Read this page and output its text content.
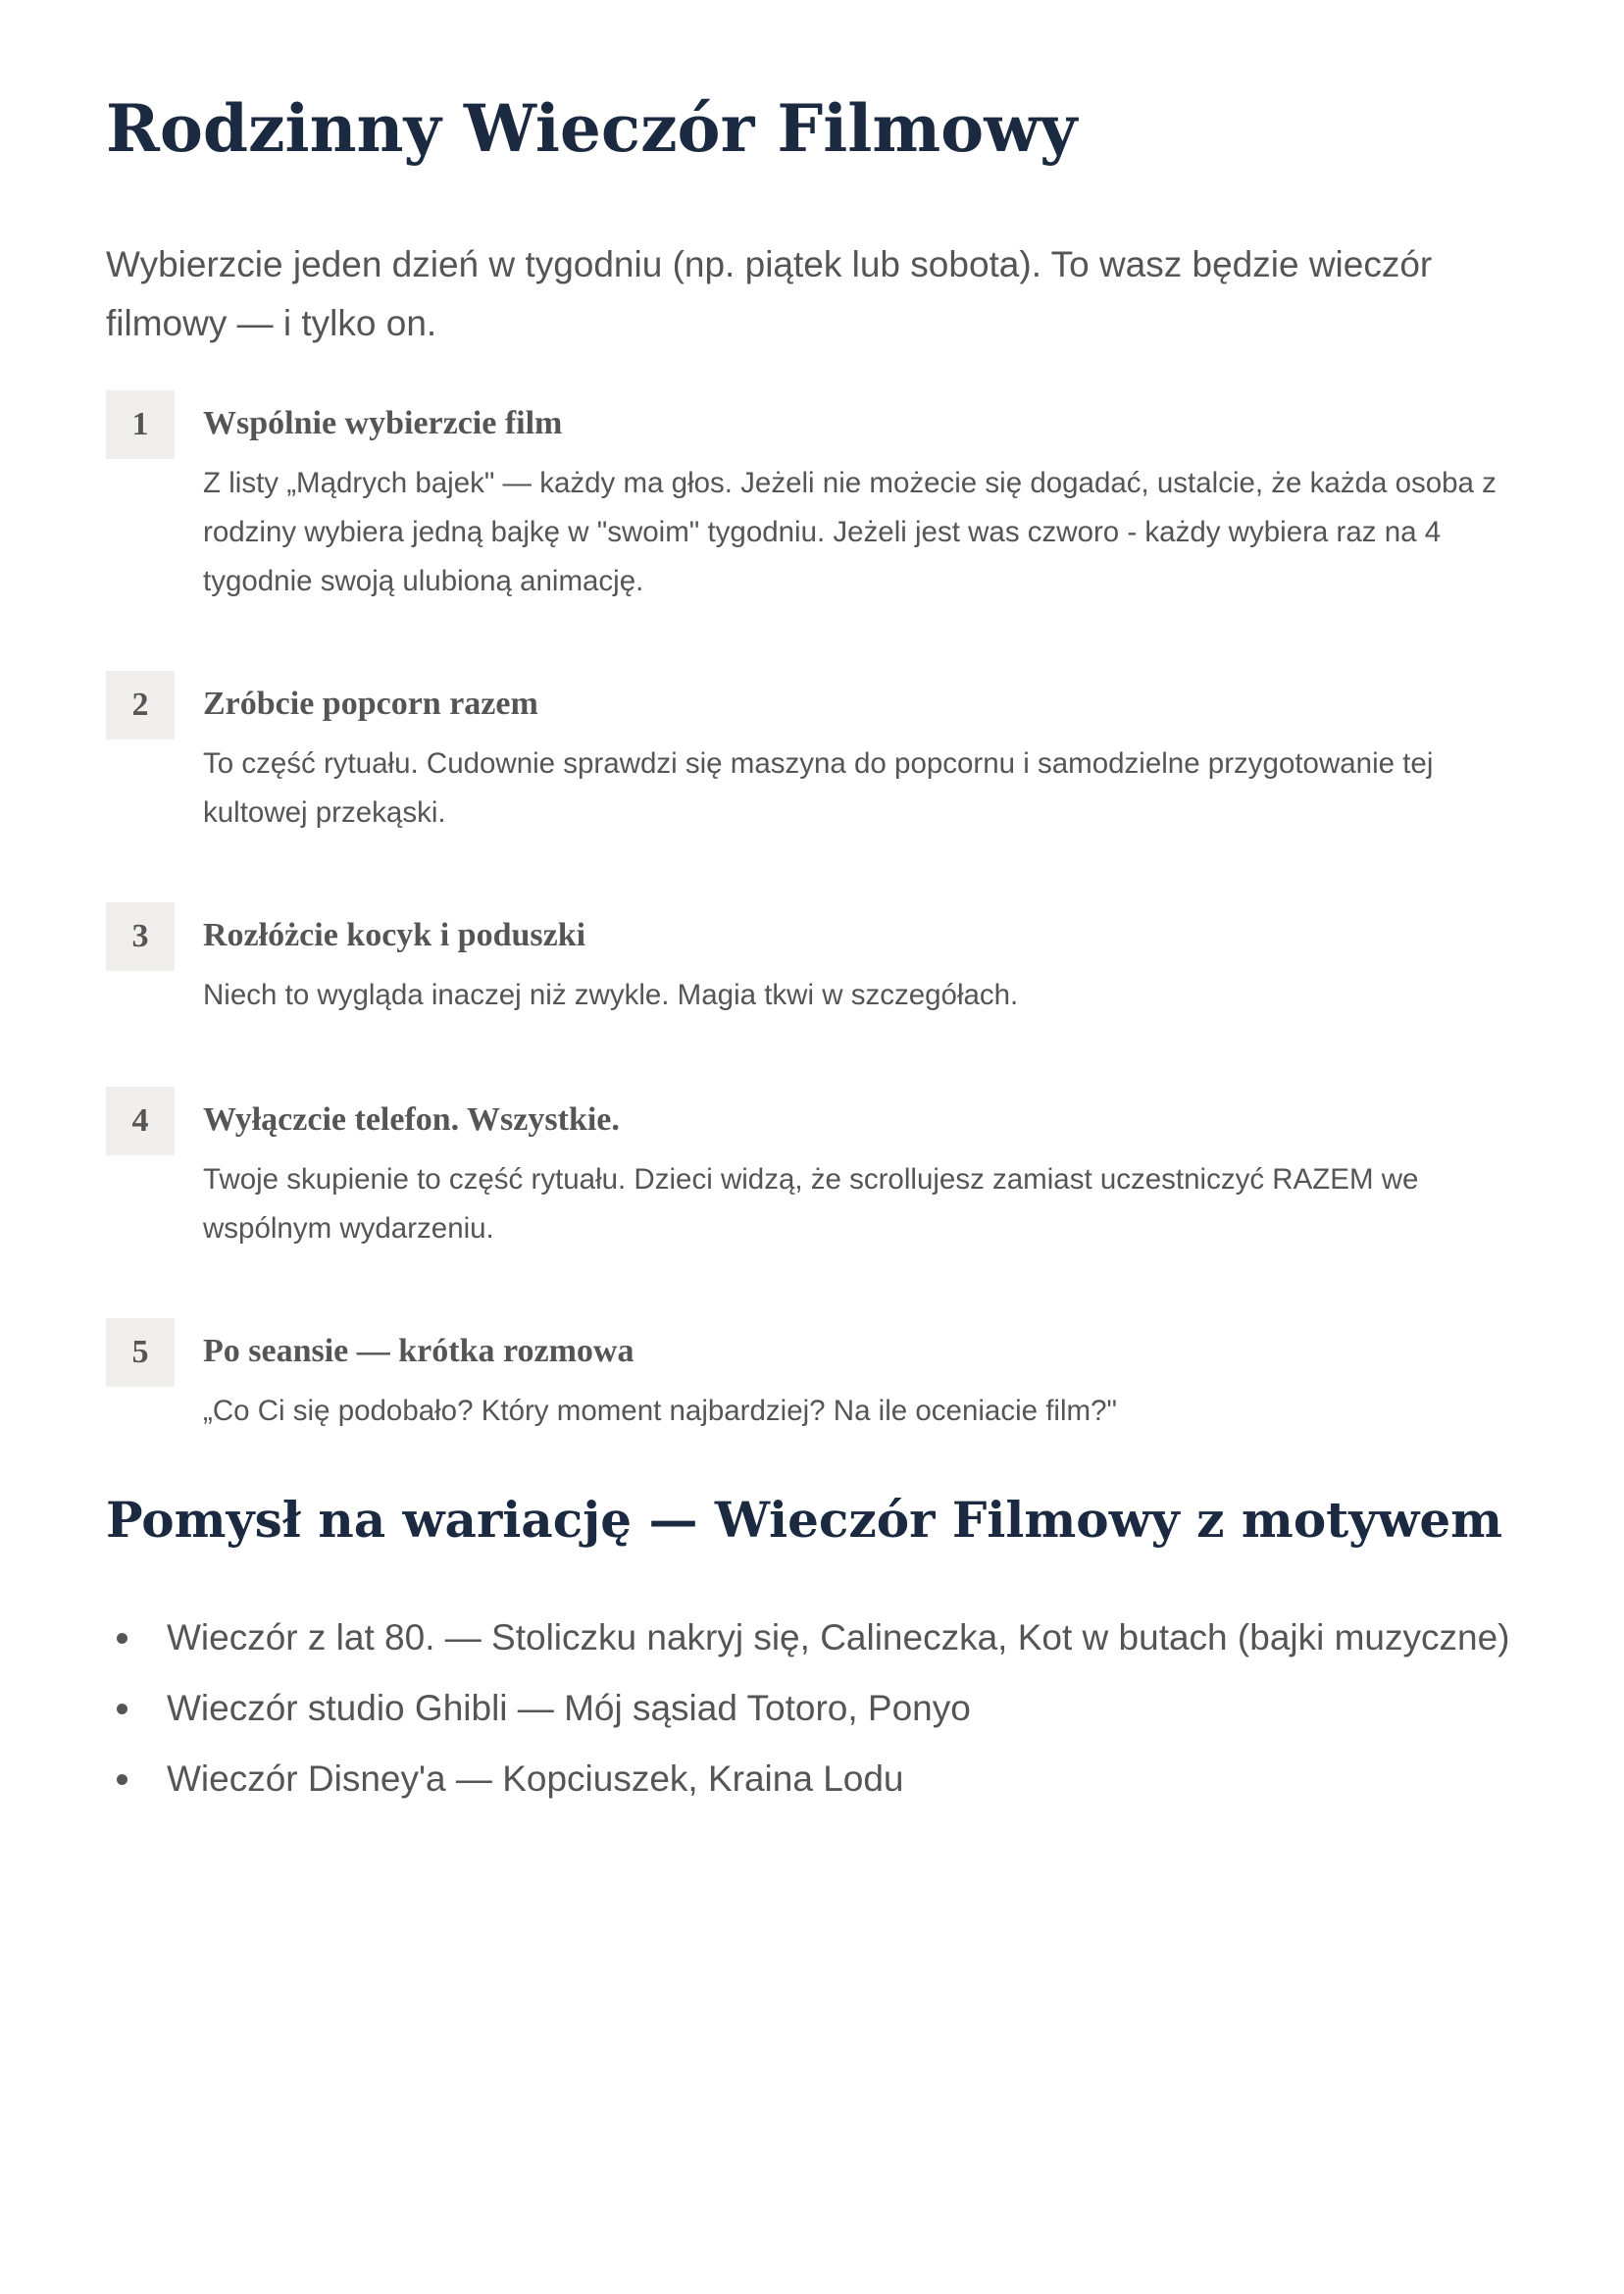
Rodzinny Wieczór Filmowy

Wybierzcie jeden dzień w tygodniu (np. piątek lub sobota). To wasz będzie wieczór filmowy — i tylko on.

1	Wspólnie wybierzcie film

Z listy „Mądrych bajek" — każdy ma głos. Jeżeli nie możecie się dogadać, ustalcie, że każda osoba z rodziny wybiera jedną bajkę w "swoim" tygodniu. Jeżeli jest was czworo - każdy wybiera raz na 4 tygodnie swoją ulubioną animację.

2	Zróbcie popcorn razem

To część rytuału. Cudownie sprawdzi się maszyna do popcornu i samodzielne przygotowanie tej kultowej przekąski.

3	Rozłóżcie kocyk i poduszki

Niech to wygląda inaczej niż zwykle. Magia tkwi w szczegółach.

4	Wyłączcie telefon. Wszystkie.

Twoje skupienie to część rytuału. Dzieci widzą, że scrollujesz zamiast uczestniczyć RAZEM we wspólnym wydarzeniu.

5	Po seansie — krótka rozmowa

„Co Ci się podobało? Który moment najbardziej? Na ile oceniacie film?"

Pomysł na wariację — Wieczór Filmowy z motywem
Wieczór z lat 80. — Stoliczku nakryj się, Calineczka, Kot w butach (bajki muzyczne)
Wieczór studio Ghibli — Mój sąsiad Totoro, Ponyo
Wieczór Disney'a — Kopciuszek, Kraina Lodu
